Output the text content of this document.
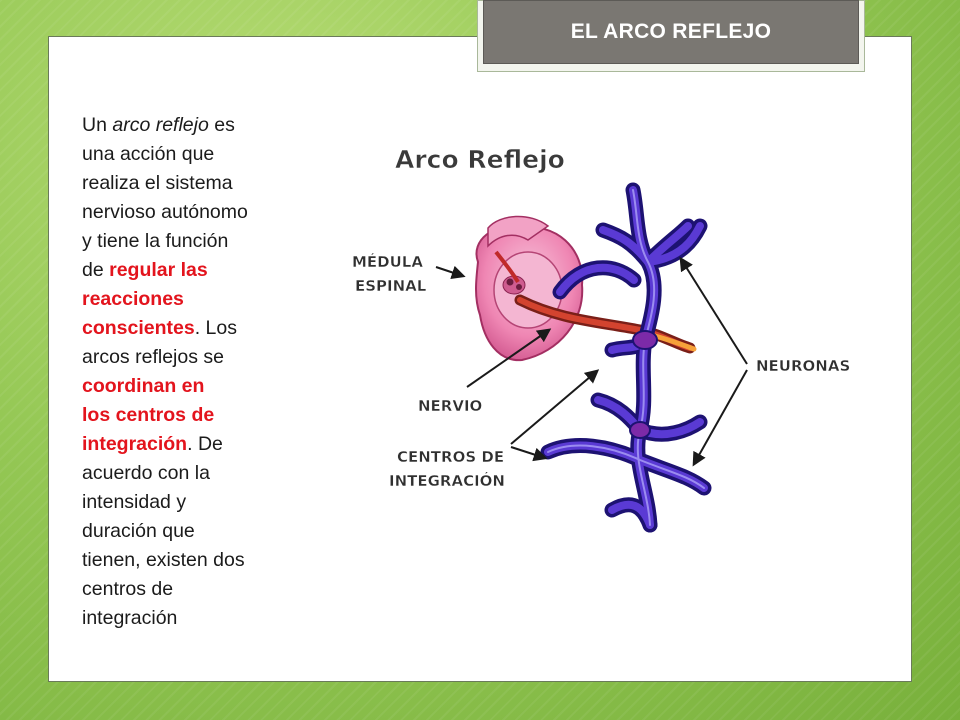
EL ARCO REFLEJO
Un arco reflejo es
una acción que
realiza el sistema
nervioso autónomo
y tiene la función
de regular las
reacciones
conscientes. Los
arcos reflejos se
coordinan en
los centros de
integración. De
acuerdo con la
intensidad y
duración que
tienen, existen dos
centros de
integración
Arco Reflejo
MÉDULA
ESPINAL
NEURONAS
NERVIO
CENTROS DE
INTEGRACIÓN
